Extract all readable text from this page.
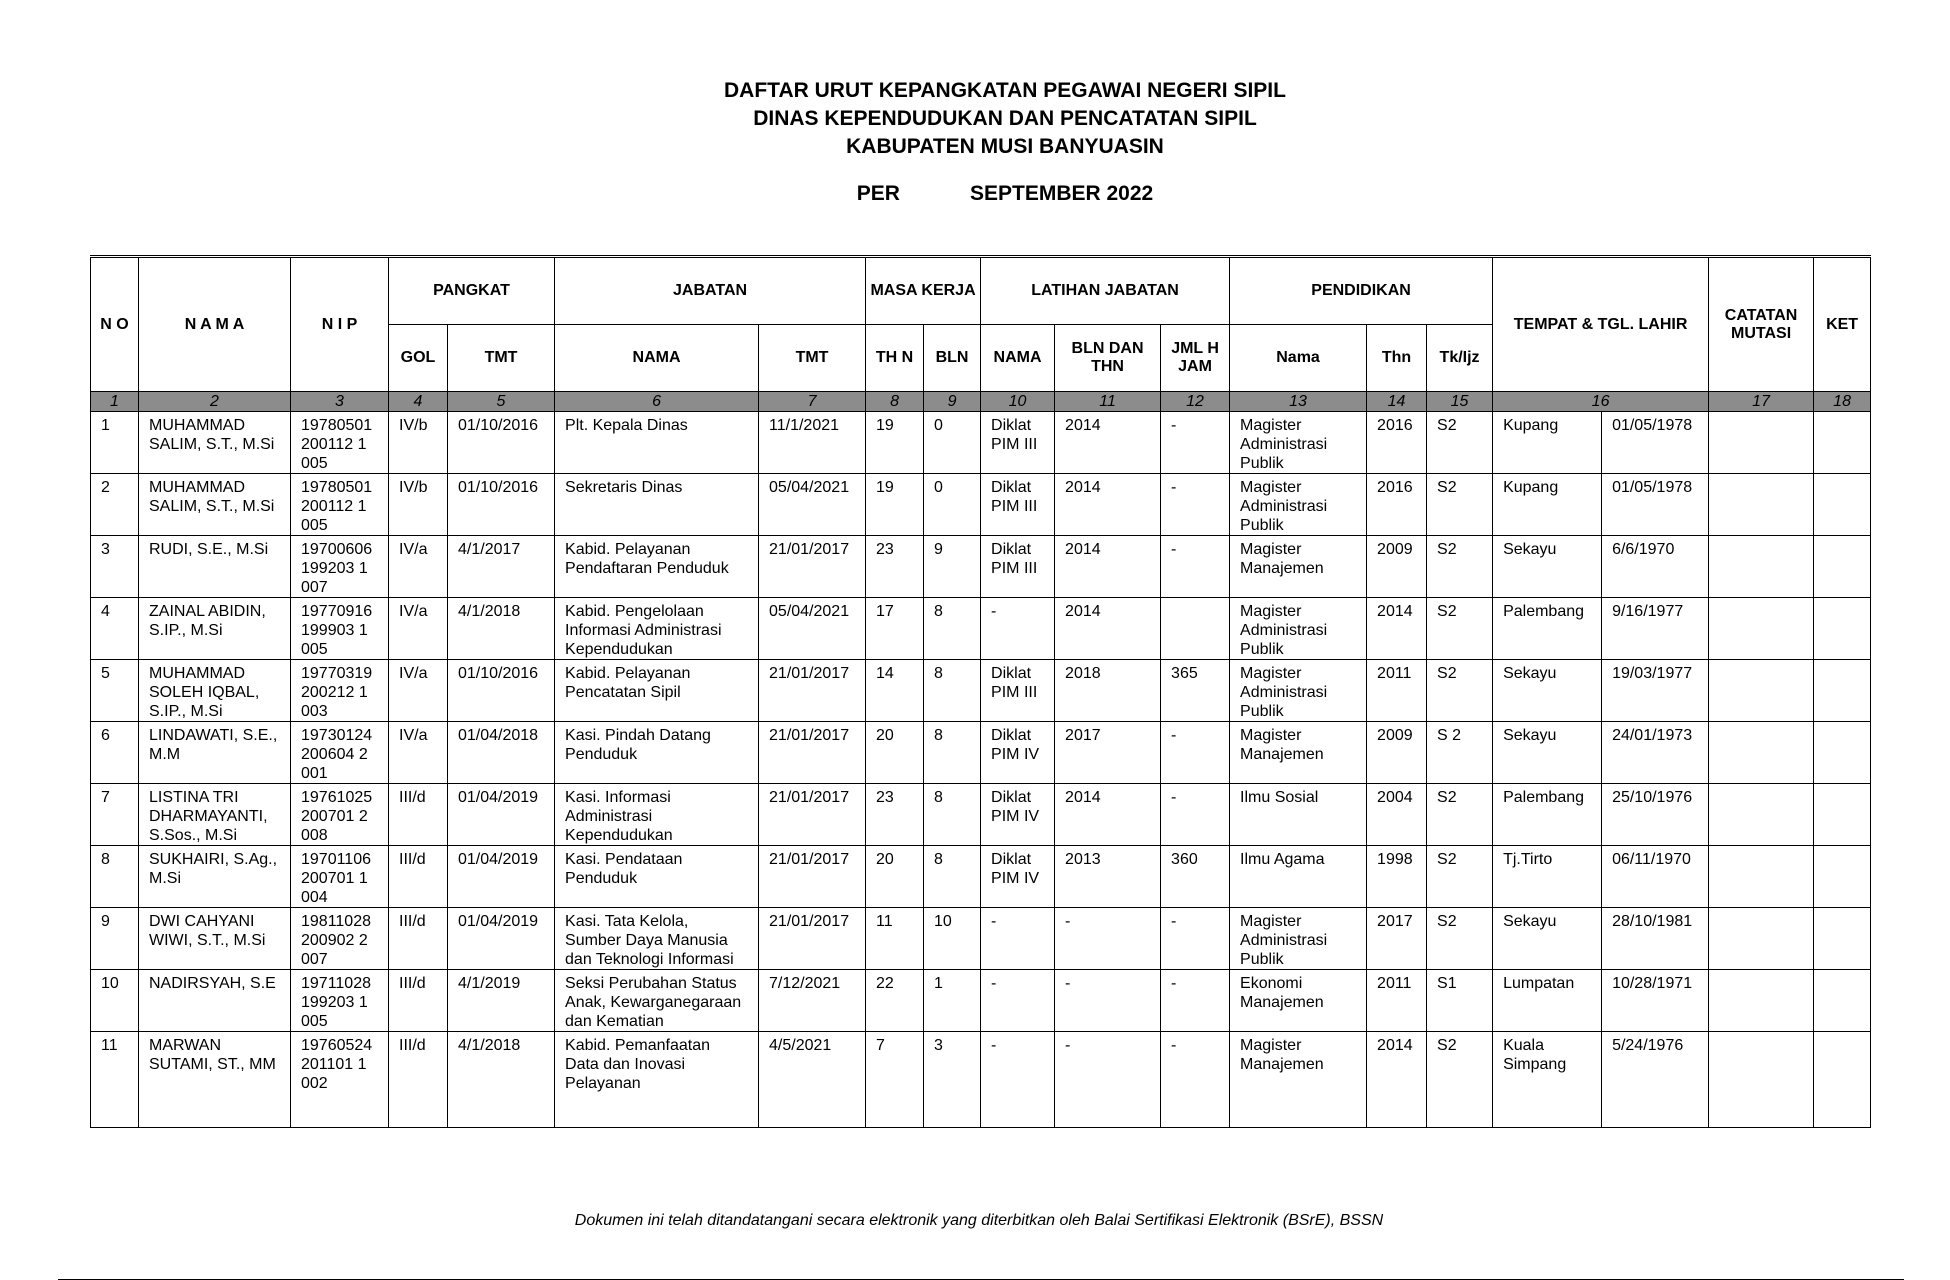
DAFTAR URUT KEPANGKATAN PEGAWAI NEGERI SIPIL
DINAS KEPENDUDUKAN DAN PENCATATAN SIPIL
KABUPATEN MUSI BANYUASIN
PER	SEPTEMBER 2022
N O	N A M A	N I P	PANGKAT		JABATAN		MASA KERJA		LATIHAN JABATAN			PENDIDIKAN			TEMPAT & TGL. LAHIR		CATATAN MUTASI	KET
			GOL	TMT	NAMA	TMT	TH N	BLN	NAMA	BLN DAN THN	JML H JAM	Nama	Thn	Tk/Ijz				
1	2	3	4	5	6	7	8	9	10	11	12	13	14	15	16		17	18
1	MUHAMMAD SALIM, S.T., M.Si	19780501 200112 1 005	IV/b	01/10/2016	Plt. Kepala Dinas	11/1/2021	19	0	Diklat PIM III	2014	-	Magister Administrasi Publik	2016	S2	Kupang	01/05/1978		
2	MUHAMMAD SALIM, S.T., M.Si	19780501 200112 1 005	IV/b	01/10/2016	Sekretaris Dinas	05/04/2021	19	0	Diklat PIM III	2014	-	Magister Administrasi Publik	2016	S2	Kupang	01/05/1978		
3	RUDI, S.E., M.Si	19700606 199203 1 007	IV/a	4/1/2017	Kabid. Pelayanan Pendaftaran Penduduk	21/01/2017	23	9	Diklat PIM III	2014	-	Magister Manajemen	2009	S2	Sekayu	6/6/1970		
4	ZAINAL ABIDIN, S.IP., M.Si	19770916 199903 1 005	IV/a	4/1/2018	Kabid. Pengelolaan Informasi Administrasi Kependudukan	05/04/2021	17	8	-	2014		Magister Administrasi Publik	2014	S2	Palembang	9/16/1977		
5	MUHAMMAD SOLEH IQBAL, S.IP., M.Si	19770319 200212 1 003	IV/a	01/10/2016	Kabid. Pelayanan Pencatatan Sipil	21/01/2017	14	8	Diklat PIM III	2018	365	Magister Administrasi Publik	2011	S2	Sekayu	19/03/1977		
6	LINDAWATI, S.E., M.M	19730124 200604 2 001	IV/a	01/04/2018	Kasi. Pindah Datang Penduduk	21/01/2017	20	8	Diklat PIM IV	2017	-	Magister Manajemen	2009	S 2	Sekayu	24/01/1973		
7	LISTINA TRI DHARMAYANTI, S.Sos., M.Si	19761025 200701 2 008	III/d	01/04/2019	Kasi. Informasi Administrasi Kependudukan	21/01/2017	23	8	Diklat PIM IV	2014	-	Ilmu Sosial	2004	S2	Palembang	25/10/1976		
8	SUKHAIRI, S.Ag., M.Si	19701106 200701 1 004	III/d	01/04/2019	Kasi. Pendataan Penduduk	21/01/2017	20	8	Diklat PIM IV	2013	360	Ilmu Agama	1998	S2	Tj.Tirto	06/11/1970		
9	DWI CAHYANI WIWI, S.T., M.Si	19811028 200902 2 007	III/d	01/04/2019	Kasi. Tata Kelola, Sumber Daya Manusia dan Teknologi Informasi	21/01/2017	11	10	-	-	-	Magister Administrasi Publik	2017	S2	Sekayu	28/10/1981		
10	NADIRSYAH, S.E	19711028 199203 1 005	III/d	4/1/2019	Seksi Perubahan Status Anak, Kewarganegaraan dan Kematian	7/12/2021	22	1	-	-	-	Ekonomi Manajemen	2011	S1	Lumpatan	10/28/1971		
11	MARWAN SUTAMI, ST., MM	19760524 201101 1 002	III/d	4/1/2018	Kabid. Pemanfaatan Data dan Inovasi Pelayanan	4/5/2021	7	3	-	-	-	Magister Manajemen	2014	S2	Kuala Simpang	5/24/1976		
Dokumen ini telah ditandatangani secara elektronik yang diterbitkan oleh Balai Sertifikasi Elektronik (BSrE), BSSN
